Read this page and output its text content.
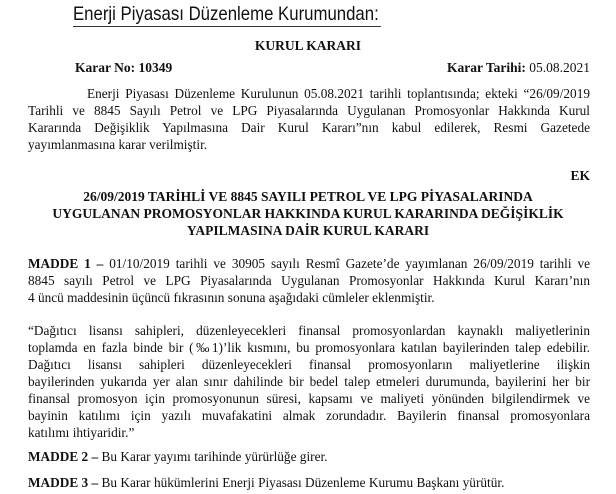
Enerji Piyasası Düzenleme Kurumundan:
KURUL KARARI
Karar No: 10349	Karar Tarihi: 05.08.2021
Enerji Piyasası Düzenleme Kurulunun 05.08.2021 tarihli toplantısında; ekteki “26/09/2019
Tarihli ve 8845 Sayılı Petrol ve LPG Piyasalarında Uygulanan Promosyonlar Hakkında Kurul
Kararında Değişiklik Yapılmasına Dair Kurul Kararı”nın kabul edilerek, Resmi Gazetede
yayımlanmasına karar verilmiştir.
EK
26/09/2019 TARİHLİ VE 8845 SAYILI PETROL VE LPG PİYASALARINDA
UYGULANAN PROMOSYONLAR HAKKINDA KURUL KARARINDA DEĞİŞİKLİK
YAPILMASINA DAİR KURUL KARARI
MADDE 1 – 01/10/2019 tarihli ve 30905 sayılı Resmî Gazete’de yayımlanan 26/09/2019 tarihli ve
8845 sayılı Petrol ve LPG Piyasalarında Uygulanan Promosyonlar Hakkında Kurul Kararı’nın
4 üncü maddesinin üçüncü fıkrasının sonuna aşağıdaki cümleler eklenmiştir.
“Dağıtıcı lisansı sahipleri, düzenleyecekleri finansal promosyonlardan kaynaklı maliyetlerinin
toplamda en fazla binde bir (‰1)’lik kısmını, bu promosyonlara katılan bayilerinden talep edebilir.
Dağıtıcı lisansı sahipleri düzenleyecekleri finansal promosyonların maliyetlerine ilişkin
bayilerinden yukarıda yer alan sınır dahilinde bir bedel talep etmeleri durumunda, bayilerini her bir
finansal promosyon için promosyonunun süresi, kapsamı ve maliyeti yönünden bilgilendirmek ve
bayinin katılımı için yazılı muvafakatini almak zorundadır. Bayilerin finansal promosyonlara
katılımı ihtiyaridir.”
MADDE 2 – Bu Karar yayımı tarihinde yürürlüğe girer.
MADDE 3 – Bu Karar hükümlerini Enerji Piyasası Düzenleme Kurumu Başkanı yürütür.
